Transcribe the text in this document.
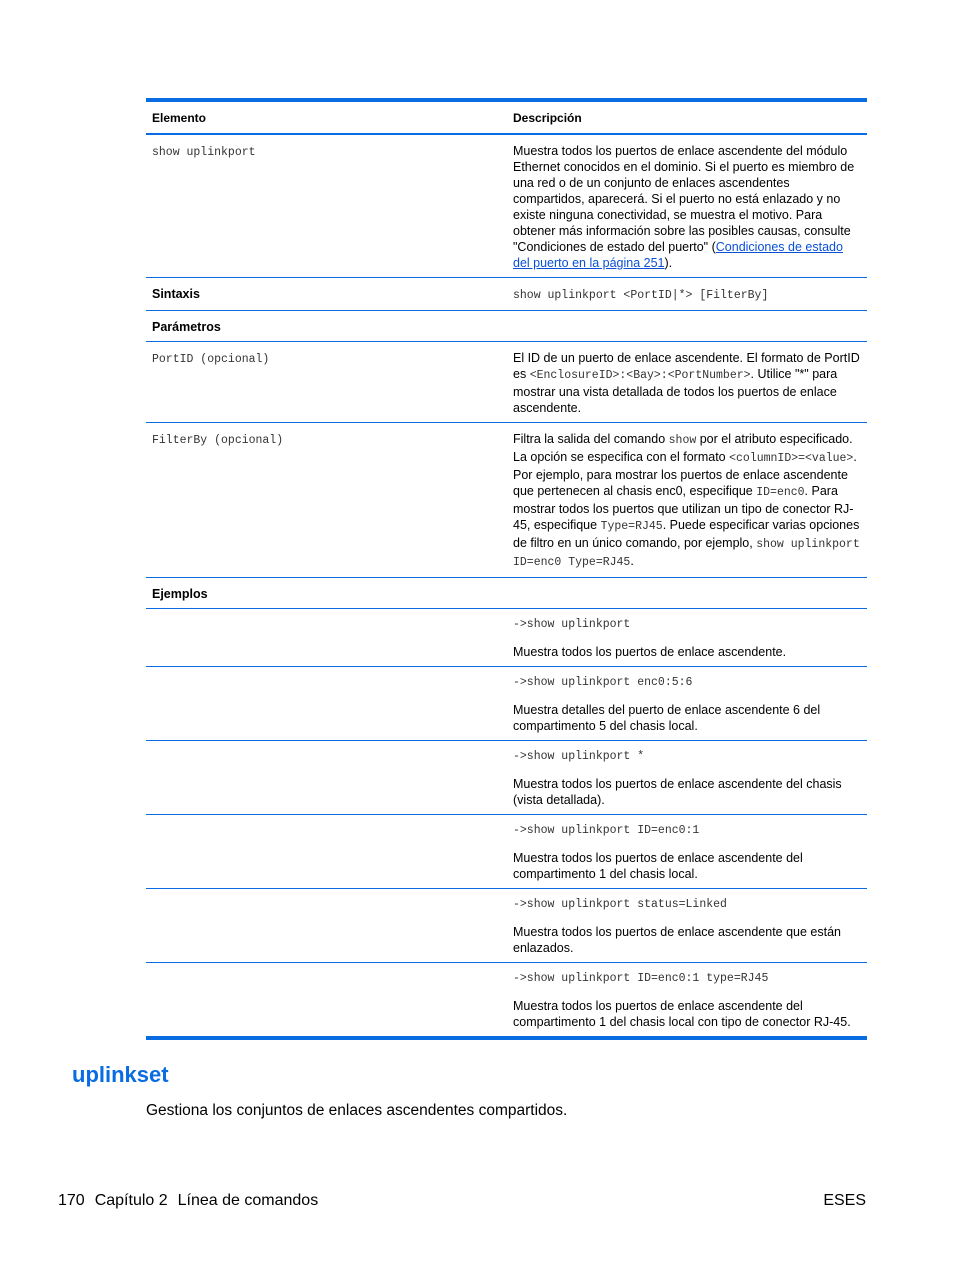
Elemento	Descripción
show uplinkport	Muestra todos los puertos de enlace ascendente del módulo Ethernet conocidos en el dominio. Si el puerto es miembro de una red o de un conjunto de enlaces ascendentes compartidos, aparecerá. Si el puerto no está enlazado y no existe ninguna conectividad, se muestra el motivo. Para obtener más información sobre las posibles causas, consulte "Condiciones de estado del puerto" (Condiciones de estado del puerto en la página 251).
Sintaxis	show uplinkport <PortID|*> [FilterBy]
Parámetros	
PortID (opcional)	El ID de un puerto de enlace ascendente. El formato de PortID es <EnclosureID>:<Bay>:<PortNumber>. Utilice "*" para mostrar una vista detallada de todos los puertos de enlace ascendente.
FilterBy (opcional)	Filtra la salida del comando show por el atributo especificado. La opción se especifica con el formato <columnID>=<value>. Por ejemplo, para mostrar los puertos de enlace ascendente que pertenecen al chasis enc0, especifique ID=enc0. Para mostrar todos los puertos que utilizan un tipo de conector RJ-45, especifique Type=RJ45. Puede especificar varias opciones de filtro en un único comando, por ejemplo, show uplinkport ID=enc0 Type=RJ45.
Ejemplos	

	->show uplinkport
Muestra todos los puertos de enlace ascendente.

	->show uplinkport enc0:5:6
Muestra detalles del puerto de enlace ascendente 6 del compartimento 5 del chasis local.

	->show uplinkport *
Muestra todos los puertos de enlace ascendente del chasis (vista detallada).

	->show uplinkport ID=enc0:1
Muestra todos los puertos de enlace ascendente del compartimento 1 del chasis local.

	->show uplinkport status=Linked
Muestra todos los puertos de enlace ascendente que están enlazados.

	->show uplinkport ID=enc0:1 type=RJ45
Muestra todos los puertos de enlace ascendente del compartimento 1 del chasis local con tipo de conector RJ-45.
uplinkset

Gestiona los conjuntos de enlaces ascendentes compartidos.

170 Capítulo 2 Línea de comandos	ESES
